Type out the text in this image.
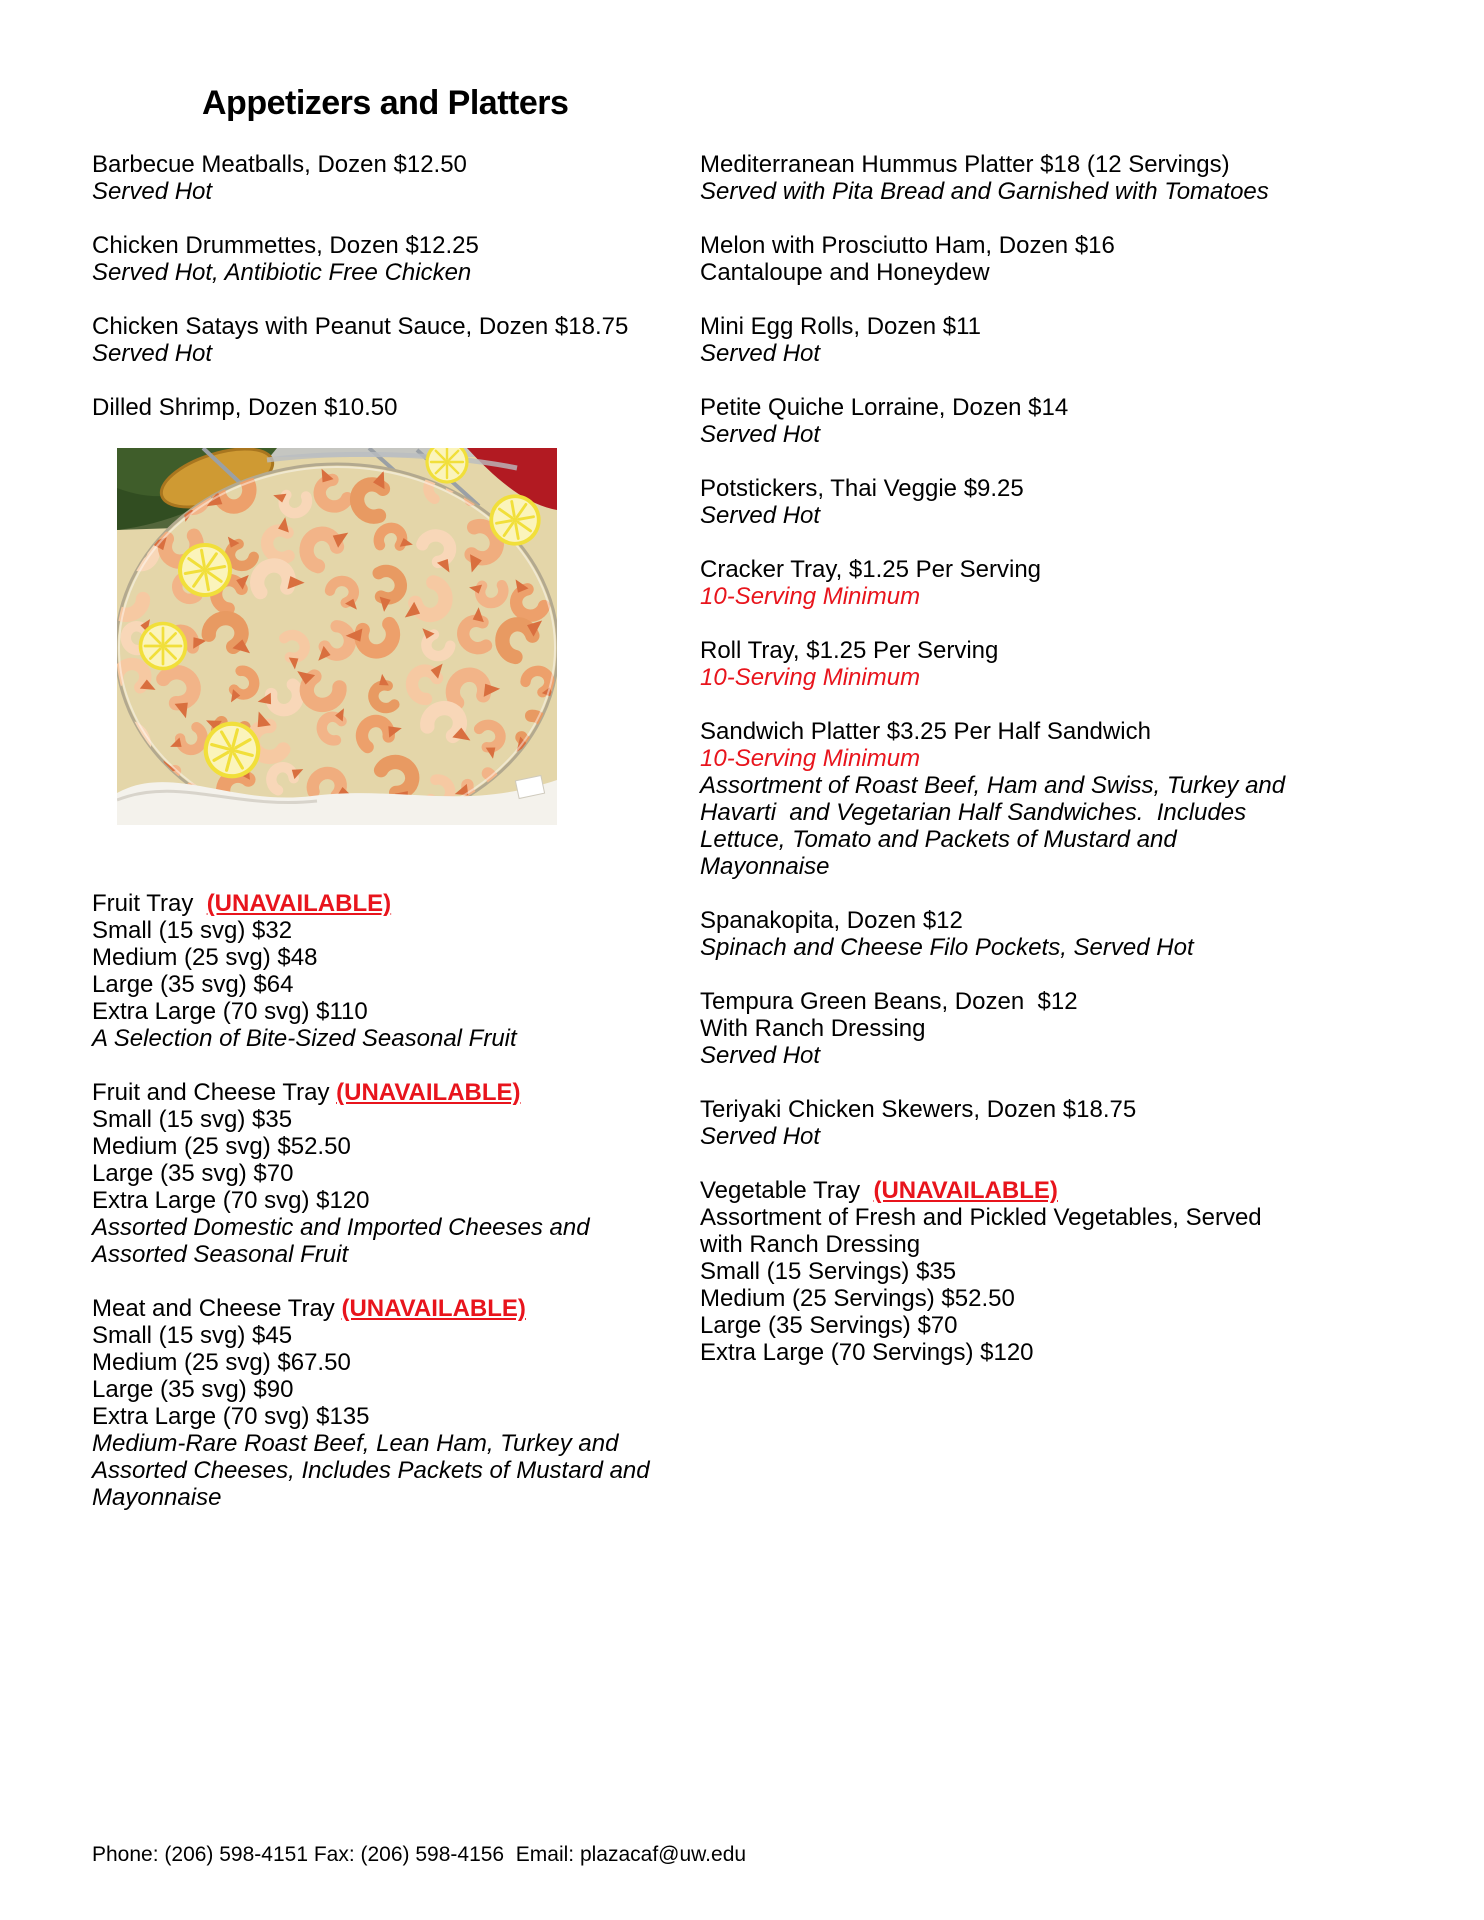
Appetizers and Platters
Barbecue Meatballs, Dozen $12.50
Served Hot
Chicken Drummettes, Dozen $12.25
Served Hot, Antibiotic Free Chicken
Chicken Satays with Peanut Sauce, Dozen $18.75
Served Hot
Dilled Shrimp, Dozen $10.50
Fruit Tray  (UNAVAILABLE)
Small (15 svg) $32
Medium (25 svg) $48
Large (35 svg) $64
Extra Large (70 svg) $110
A Selection of Bite-Sized Seasonal Fruit
Fruit and Cheese Tray (UNAVAILABLE)
Small (15 svg) $35
Medium (25 svg) $52.50
Large (35 svg) $70
Extra Large (70 svg) $120
Assorted Domestic and Imported Cheeses and
Assorted Seasonal Fruit
Meat and Cheese Tray (UNAVAILABLE)
Small (15 svg) $45
Medium (25 svg) $67.50
Large (35 svg) $90
Extra Large (70 svg) $135
Medium-Rare Roast Beef, Lean Ham, Turkey and
Assorted Cheeses, Includes Packets of Mustard and
Mayonnaise
Mediterranean Hummus Platter $18 (12 Servings)
Served with Pita Bread and Garnished with Tomatoes
Melon with Prosciutto Ham, Dozen $16
Cantaloupe and Honeydew
Mini Egg Rolls, Dozen $11
Served Hot
Petite Quiche Lorraine, Dozen $14
Served Hot
Potstickers, Thai Veggie $9.25
Served Hot
Cracker Tray, $1.25 Per Serving
10-Serving Minimum
Roll Tray, $1.25 Per Serving
10-Serving Minimum
Sandwich Platter $3.25 Per Half Sandwich
10-Serving Minimum
Assortment of Roast Beef, Ham and Swiss, Turkey and
Havarti  and Vegetarian Half Sandwiches.  Includes
Lettuce, Tomato and Packets of Mustard and
Mayonnaise
Spanakopita, Dozen $12
Spinach and Cheese Filo Pockets, Served Hot
Tempura Green Beans, Dozen  $12
With Ranch Dressing
Served Hot
Teriyaki Chicken Skewers, Dozen $18.75
Served Hot
Vegetable Tray  (UNAVAILABLE)
Assortment of Fresh and Pickled Vegetables, Served
with Ranch Dressing
Small (15 Servings) $35
Medium (25 Servings) $52.50
Large (35 Servings) $70
Extra Large (70 Servings) $120
Phone: (206) 598-4151 Fax: (206) 598-4156  Email: plazacaf@uw.edu
